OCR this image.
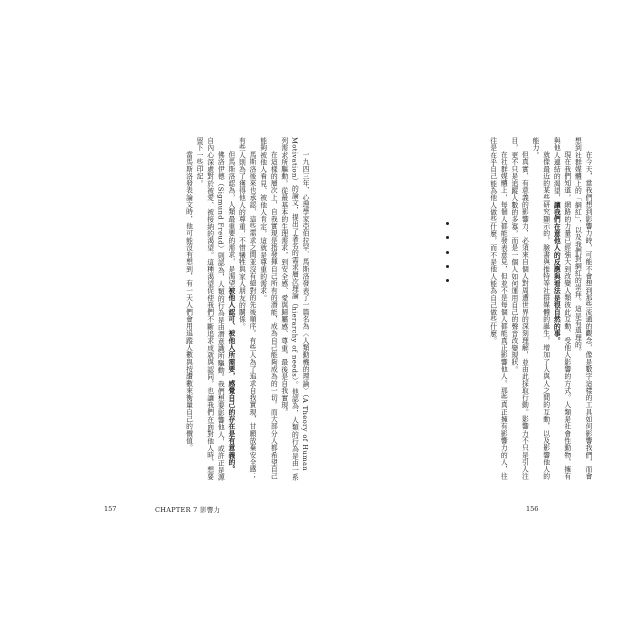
在今天，當我們想到影響力時，可能不會想到那些流通的觀念，像是數字這樣的工具如何影響我們，而會想到社群媒體上的「網紅」，以及我們對網紅的崇拜。這是有道理的。

現在我們知道，網路的力量已經強大到改變人類彼此互動、受他人影響的方式。人類是社會性動物，擁有與他人連結的渴望，讓我們在意他人的反應與看法是很自然的事。

就像最近的某些研究顯示的，臉書與推特等社群媒體的誕生，增加了人與人之間的互動，以及影響他人的能力。

但真實、有意義的影響力，必須來自個人對周遭世界的深刻理解，並由此採取行動。影響力不只是引人注目，更不只是追蹤人數的多寡，而是一個人如何運用自己的聲音改變現狀。

在社群媒體上，每個人都能發表意見，但並不是每個人都能真正影響他人。那些真正擁有影響力的人，往往是在乎自己能為他人做些什麼，而不是他人能為自己做些什麼。

一九四三年，心理學家亞伯拉罕．馬斯洛發表了一篇名為〈人類動機的理論〉（A Theory of Human Motivation）的論文，提出了著名的需求層次理論（hierarchy of needs）。他認為，人類的行為是由一系列需求所驅動，從最基本的生理需求，到安全感、愛與歸屬感、尊重，最後是自我實現。

在這樣的層次上，自我實現是指發揮自己所有的潛能，成為自己能夠成為的一切。而大部分人都希望自己能夠被他人看見、被他人肯定，這就是尊重的需求。

馬斯洛後來也承認，這些需求之間並沒有絕對的先後順序。有些人為了追求自我實現，甘願放棄安全感；有些人則為了獲得他人的尊重，不惜犧牲與家人朋友的關係。

但馬斯洛認為，人類最重要的需求，是渴望被他人認可、被他人所需要，感覺自己的存在是有意義的。

佛洛伊德（Sigmund Freud）則認為，人類的行為是由潛意識所驅動。我們想要影響他人，或許正是源自內心深處對於被愛、被接納的渴望。這種渴望促使我們不斷追求成就與認同，也讓我們在面對他人時，想要留下一些印記。

當馬斯洛發表論文時，他可能沒有想到，有一天人們會用追蹤人數與按讚數來衡量自己的價值。

157	CHAPTER 7 影響力	156
